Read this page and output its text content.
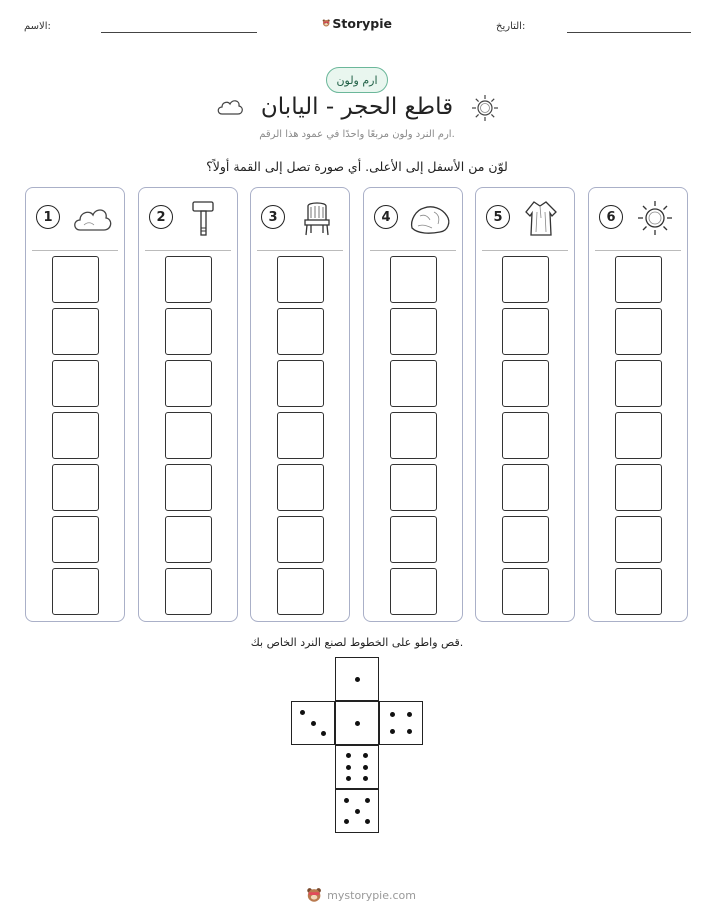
الاسم:	Storypie	التاريخ:
ارم ولون
قاطع الحجر - اليابان
ارم النرد ولون مربعًا واحدًا في عمود هذا الرقم.
لوّن من الأسفل إلى الأعلى. أي صورة تصل إلى القمة أولاً؟
1	2	3	4	5	6
قص واطو على الخطوط لصنع النرد الخاص بك.
mystorypie.com
